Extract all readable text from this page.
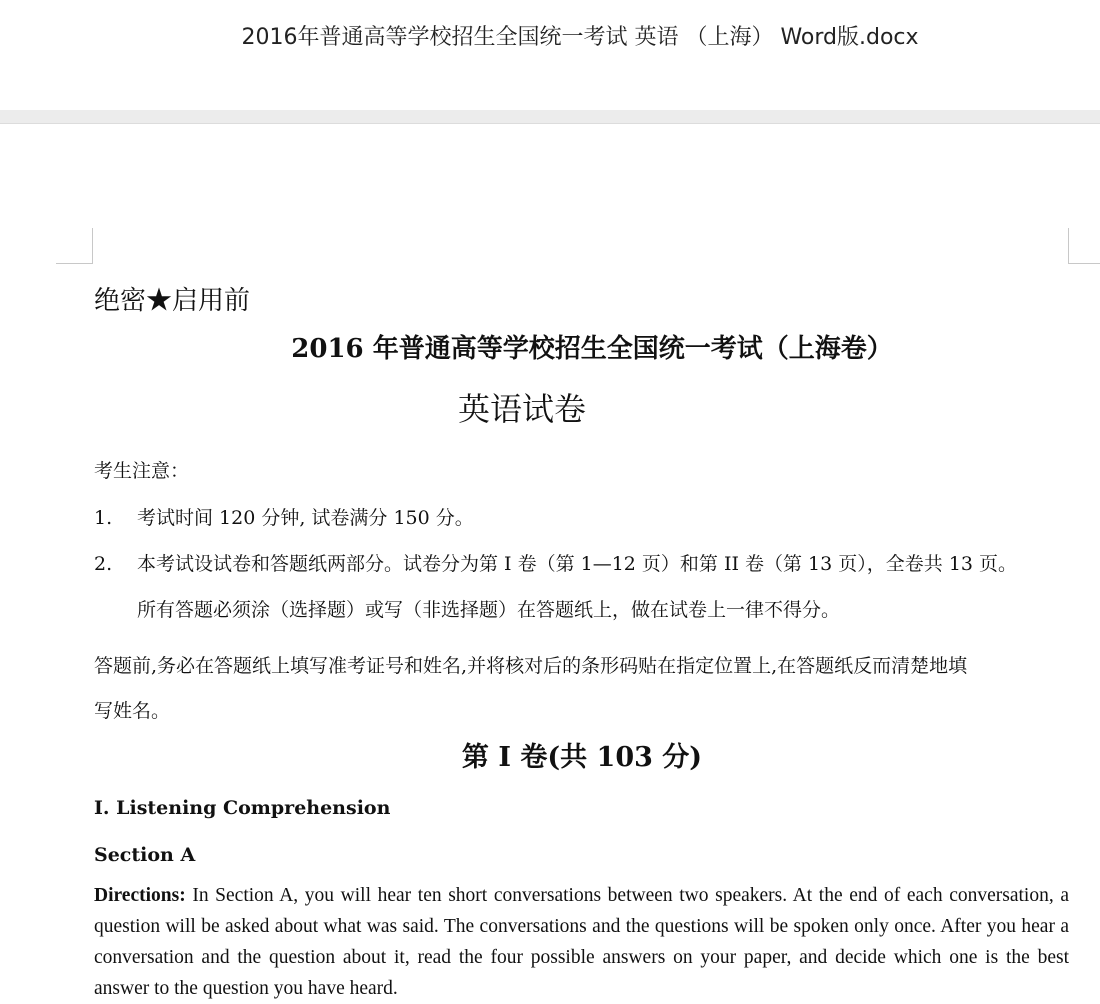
2016年普通高等学校招生全国统一考试 英语 （上海） Word版.docx
绝密★启用前
2016 年普通高等学校招生全国统一考试（上海卷）
英语试卷
考生注意：
1. 考试时间 120 分钟, 试卷满分 150 分。
2. 本考试设试卷和答题纸两部分。试卷分为第 I 卷（第 1—12 页）和第 II 卷（第 13 页），全卷共 13 页。
所有答题必须涂（选择题）或写（非选择题）在答题纸上，做在试卷上一律不得分。
答题前,务必在答题纸上填写准考证号和姓名,并将核对后的条形码贴在指定位置上,在答题纸反而清楚地填
写姓名。
第 I 卷(共 103 分)
I. Listening Comprehension
Section A
Directions: In Section A, you will hear ten short conversations between two speakers. At the end of each conversation, a question will be asked about what was said. The conversations and the questions will be spoken only once. After you hear a conversation and the question about it, read the four possible answers on your paper, and decide which one is the best answer to the question you have heard.
